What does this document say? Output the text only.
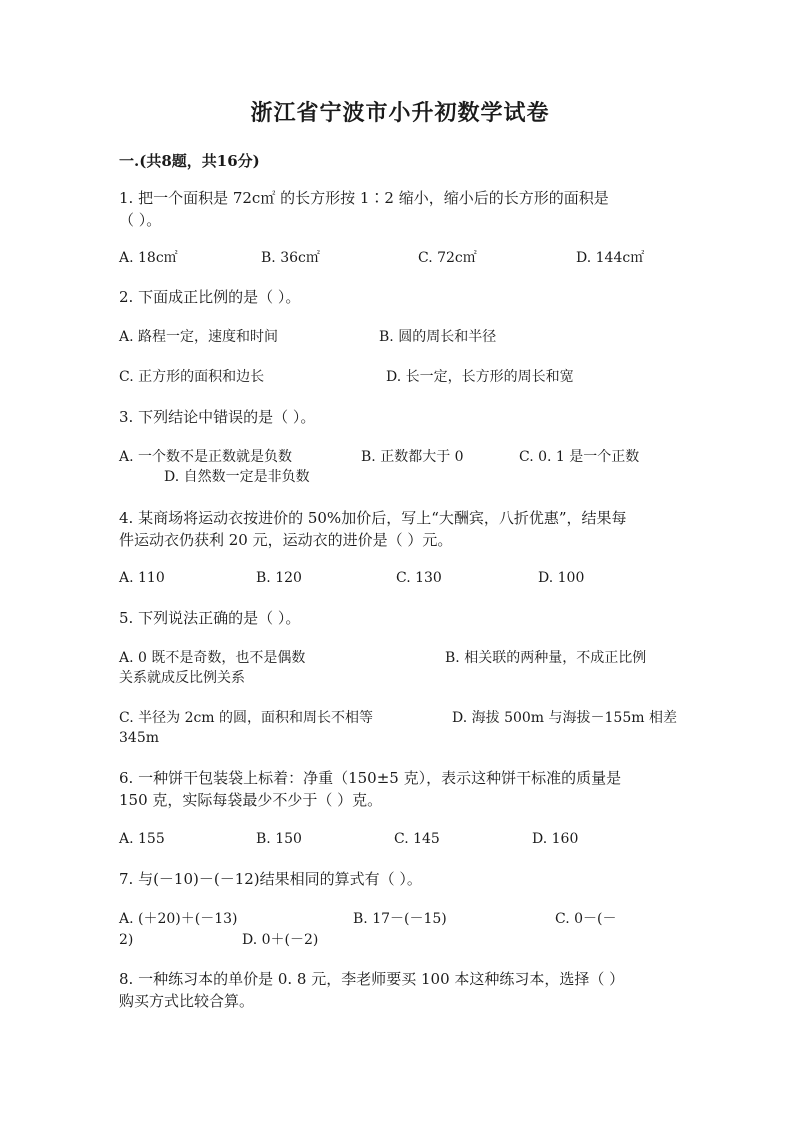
浙江省宁波市小升初数学试卷
一.(共8题，共16分)
1. 把一个面积是 72c㎡ 的长方形按 1∶2 缩小，缩小后的长方形的面积是
（ ）。
A. 18c㎡	B. 36c㎡	C. 72c㎡	D. 144c㎡
2. 下面成正比例的是（ ）。
A. 路程一定，速度和时间	B. 圆的周长和半径
C. 正方形的面积和边长	D. 长一定，长方形的周长和宽
3. 下列结论中错误的是（ ）。
A. 一个数不是正数就是负数	B. 正数都大于 0	C. 0. 1 是一个正数
D. 自然数一定是非负数
4. 某商场将运动衣按进价的 50%加价后，写上“大酬宾，八折优惠”，结果每
件运动衣仍获利 20 元，运动衣的进价是（ ）元。
A. 110	B. 120	C. 130	D. 100
5. 下列说法正确的是（ ）。
A. 0 既不是奇数，也不是偶数	B. 相关联的两种量，不成正比例
关系就成反比例关系
C. 半径为 2cm 的圆，面积和周长不相等	D. 海拔 500m 与海拔－155m 相差
345m
6. 一种饼干包装袋上标着：净重（150±5 克），表示这种饼干标准的质量是
150 克，实际每袋最少不少于（ ）克。
A. 155	B. 150	C. 145	D. 160
7. 与(－10)－(－12)结果相同的算式有（ ）。
A. (＋20)＋(－13)	B. 17－(－15)	C. 0－(－
2)	D. 0＋(－2)
8. 一种练习本的单价是 0. 8 元，李老师要买 100 本这种练习本，选择（ ）
购买方式比较合算。
